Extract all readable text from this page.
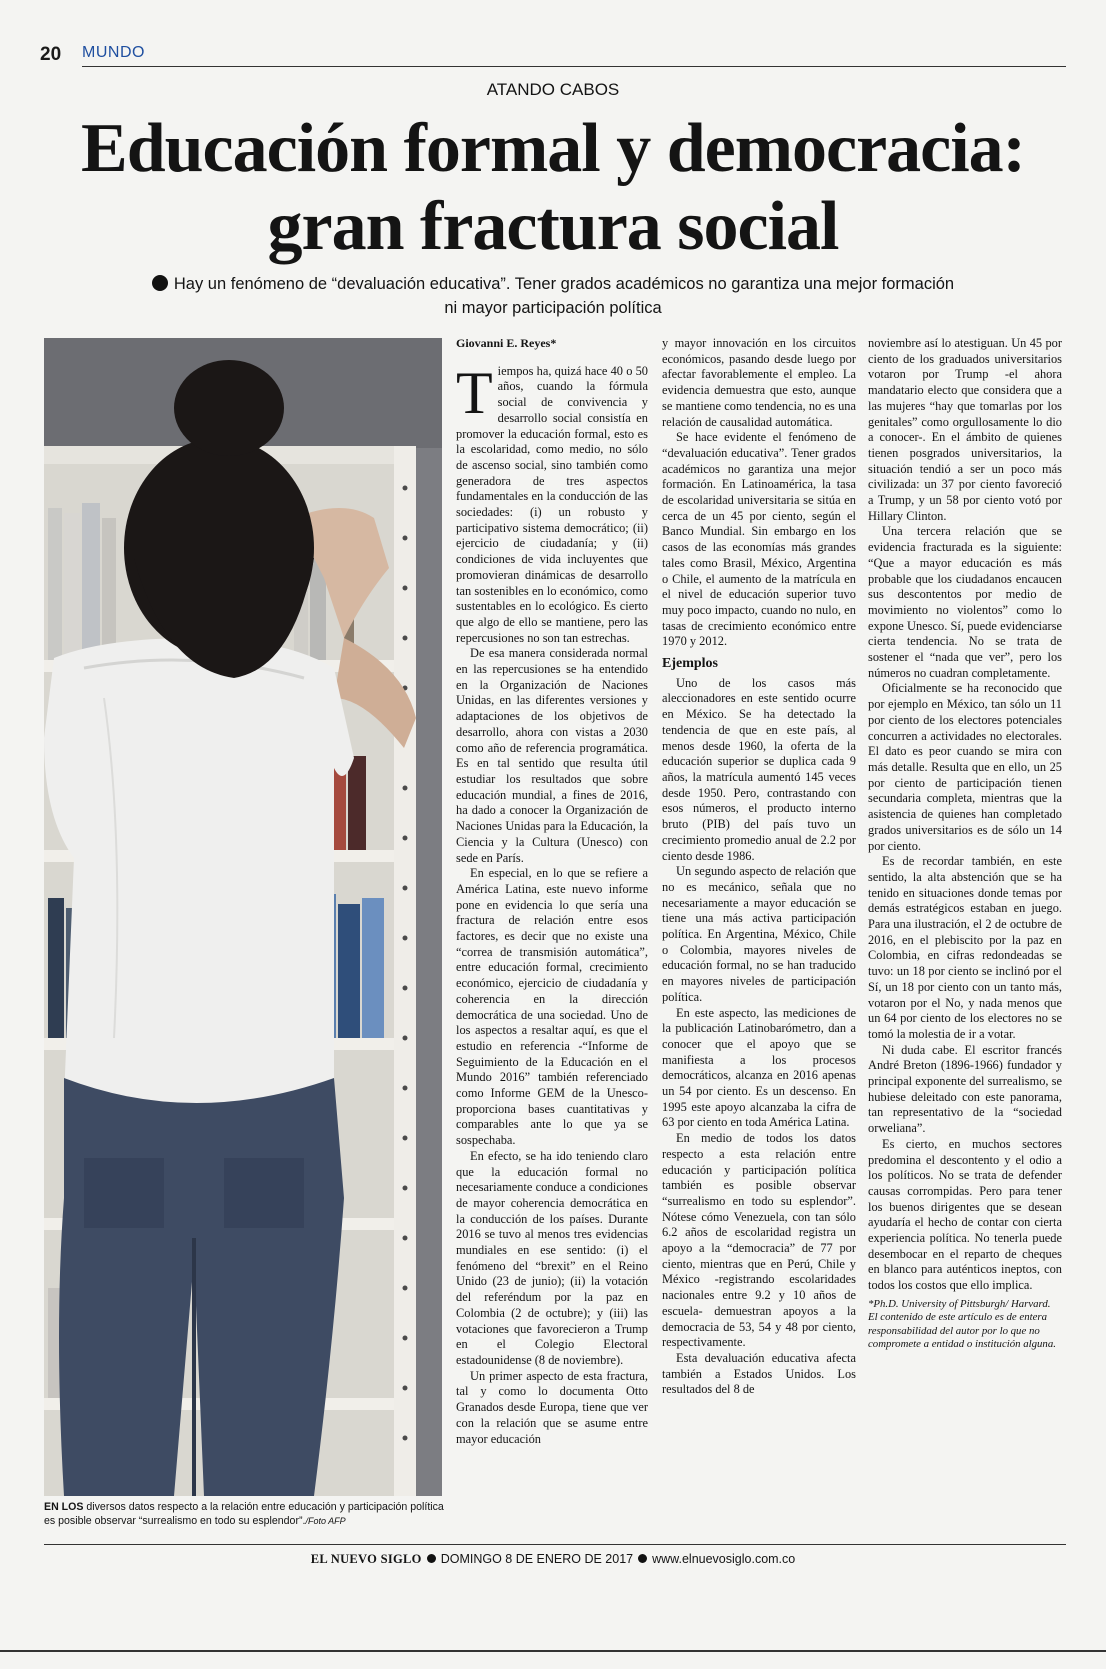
20 MUNDO
ATANDO CABOS
Educación formal y democracia:
gran fractura social
Hay un fenómeno de “devaluación educativa”. Tener grados académicos no garantiza una mejor formación ni mayor participación política
EN LOS diversos datos respecto a la relación entre educación y participación política es posible observar “surrealismo en todo su esplendor”./Foto AFP
Giovanni E. Reyes*

Tiempos ha, quizá hace 40 o 50 años, cuando la fórmula social de convivencia y desarrollo social consistía en promover la educación formal, esto es la escolaridad, como medio, no sólo de ascenso social, sino también como generadora de tres aspectos fundamentales en la conducción de las sociedades: (i) un robusto y participativo sistema democrático; (ii) ejercicio de ciudadanía; y (ii) condiciones de vida incluyentes que promovieran dinámicas de desarrollo tan sostenibles en lo económico, como sustentables en lo ecológico. Es cierto que algo de ello se mantiene, pero las repercusiones no son tan estrechas.

De esa manera considerada normal en las repercusiones se ha entendido en la Organización de Naciones Unidas, en las diferentes versiones y adaptaciones de los objetivos de desarrollo, ahora con vistas a 2030 como año de referencia programática. Es en tal sentido que resulta útil estudiar los resultados que sobre educación mundial, a fines de 2016, ha dado a conocer la Organización de Naciones Unidas para la Educación, la Ciencia y la Cultura (Unesco) con sede en París.

En especial, en lo que se refiere a América Latina, este nuevo informe pone en evidencia lo que sería una fractura de relación entre esos factores, es decir que no existe una “correa de transmisión automática”, entre educación formal, crecimiento económico, ejercicio de ciudadanía y coherencia en la dirección democrática de una sociedad. Uno de los aspectos a resaltar aquí, es que el estudio en referencia -“Informe de Seguimiento de la Educación en el Mundo 2016” también referenciado como Informe GEM de la Unesco- proporciona bases cuantitativas y comparables ante lo que ya se sospechaba.

En efecto, se ha ido teniendo claro que la educación formal no necesariamente conduce a condiciones de mayor coherencia democrática en la conducción de los países. Durante 2016 se tuvo al menos tres evidencias mundiales en ese sentido: (i) el fenómeno del “brexit” en el Reino Unido (23 de junio); (ii) la votación del referéndum por la paz en Colombia (2 de octubre); y (iii) las votaciones que favorecieron a Trump en el Colegio Electoral estadounidense (8 de noviembre).

Un primer aspecto de esta fractura, tal y como lo documenta Otto Granados desde Europa, tiene que ver con la relación que se asume entre mayor educación

y mayor innovación en los circuitos económicos, pasando desde luego por afectar favorablemente el empleo. La evidencia demuestra que esto, aunque se mantiene como tendencia, no es una relación de causalidad automática.

Se hace evidente el fenómeno de “devaluación educativa”. Tener grados académicos no garantiza una mejor formación. En Latinoamérica, la tasa de escolaridad universitaria se sitúa en cerca de un 45 por ciento, según el Banco Mundial. Sin embargo en los casos de las economías más grandes tales como Brasil, México, Argentina o Chile, el aumento de la matrícula en el nivel de educación superior tuvo muy poco impacto, cuando no nulo, en tasas de crecimiento económico entre 1970 y 2012.

Ejemplos

Uno de los casos más aleccionadores en este sentido ocurre en México. Se ha detectado la tendencia de que en este país, al menos desde 1960, la oferta de la educación superior se duplica cada 9 años, la matrícula aumentó 145 veces desde 1950. Pero, contrastando con esos números, el producto interno bruto (PIB) del país tuvo un crecimiento promedio anual de 2.2 por ciento desde 1986.

Un segundo aspecto de relación que no es mecánico, señala que no necesariamente a mayor educación se tiene una más activa participación política. En Argentina, México, Chile o Colombia, mayores niveles de educación formal, no se han traducido en mayores niveles de participación política.

En este aspecto, las mediciones de la publicación Latinobarómetro, dan a conocer que el apoyo que se manifiesta a los procesos democráticos, alcanza en 2016 apenas un 54 por ciento. Es un descenso. En 1995 este apoyo alcanzaba la cifra de 63 por ciento en toda América Latina.

En medio de todos los datos respecto a esta relación entre educación y participación política también es posible observar “surrealismo en todo su esplendor”. Nótese cómo Venezuela, con tan sólo 6.2 años de escolaridad registra un apoyo a la “democracia” de 77 por ciento, mientras que en Perú, Chile y México -registrando escolaridades nacionales entre 9.2 y 10 años de escuela- demuestran apoyos a la democracia de 53, 54 y 48 por ciento, respectivamente.

Esta devaluación educativa afecta también a Estados Unidos. Los resultados del 8 de

noviembre así lo atestiguan. Un 45 por ciento de los graduados universitarios votaron por Trump -el ahora mandatario electo que considera que a las mujeres “hay que tomarlas por los genitales” como orgullosamente lo dio a conocer-. En el ámbito de quienes tienen posgrados universitarios, la situación tendió a ser un poco más civilizada: un 37 por ciento favoreció a Trump, y un 58 por ciento votó por Hillary Clinton.

Una tercera relación que se evidencia fracturada es la siguiente: “Que a mayor educación es más probable que los ciudadanos encaucen sus descontentos por medio de movimiento no violentos” como lo expone Unesco. Sí, puede evidenciarse cierta tendencia. No se trata de sostener el “nada que ver”, pero los números no cuadran completamente.

Oficialmente se ha reconocido que por ejemplo en México, tan sólo un 11 por ciento de los electores potenciales concurren a actividades no electorales. El dato es peor cuando se mira con más detalle. Resulta que en ello, un 25 por ciento de participación tienen secundaria completa, mientras que la asistencia de quienes han completado grados universitarios es de sólo un 14 por ciento.

Es de recordar también, en este sentido, la alta abstención que se ha tenido en situaciones donde temas por demás estratégicos estaban en juego. Para una ilustración, el 2 de octubre de 2016, en el plebiscito por la paz en Colombia, en cifras redondeadas se tuvo: un 18 por ciento se inclinó por el Sí, un 18 por ciento con un tanto más, votaron por el No, y nada menos que un 64 por ciento de los electores no se tomó la molestia de ir a votar.

Ni duda cabe. El escritor francés André Breton (1896-1966) fundador y principal exponente del surrealismo, se hubiese deleitado con este panorama, tan representativo de la “sociedad orweliana”.

Es cierto, en muchos sectores predomina el descontento y el odio a los políticos. No se trata de defender causas corrompidas. Pero para tener los buenos dirigentes que se desean ayudaría el hecho de contar con cierta experiencia política. No tenerla puede desembocar en el reparto de cheques en blanco para auténticos ineptos, con todos los costos que ello implica.

*Ph.D. University of Pittsburgh/ Harvard. El contenido de este artículo es de entera responsabilidad del autor por lo que no compromete a entidad o institución alguna.
EL NUEVO SIGLO DOMINGO 8 DE ENERO DE 2017 www.elnuevosiglo.com.co
